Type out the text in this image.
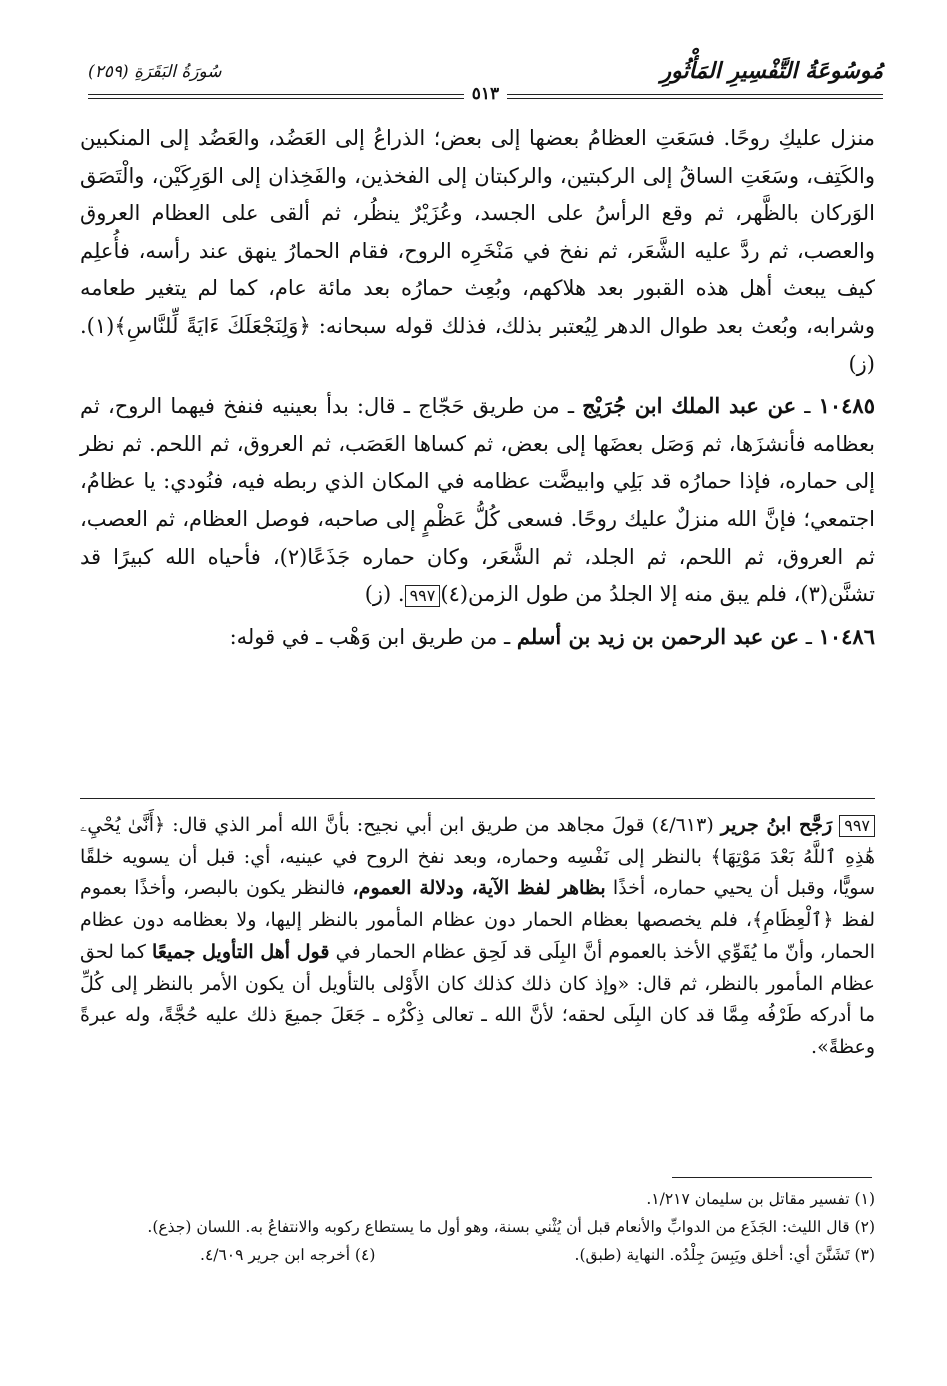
مُوسُوعَةُ التَّفْسِيرِ المَأْثُورِ
سُورَةُ البَقَرَةِ (٢٥٩)
٥١٣

منزل عليكِ روحًا. فسَعَتِ العظامُ بعضها إلى بعض؛ الذراعُ إلى العَضُد، والعَضُد إلى المنكبين والكَتِف، وسَعَتِ الساقُ إلى الركبتين، والركبتان إلى الفخذين، والفَخِذان إلى الوَرِكَيْن، والْتَصَق الوَركان بالظَّهر، ثم وقع الرأسُ على الجسد، وعُزَيْرٌ ينظُر، ثم ألقى على العظام العروق والعصب، ثم ردَّ عليه الشَّعَر، ثم نفخ في مَنْخَرِه الروح، فقام الحمارُ ينهق عند رأسه، فأُعلِم كيف يبعث أهل هذه القبور بعد هلاكهم، وبُعِث حمارُه بعد مائة عام، كما لم يتغير طعامه وشرابه، وبُعث بعد طوال الدهر لِيُعتبر بذلك، فذلك قوله سبحانه: ﴿وَلِنَجْعَلَكَ ءَايَةً لِّلنَّاسِ﴾(١). (ز)

١٠٤٨٥ ـ عن عبد الملك ابن جُرَيْج ـ من طريق حَجّاج ـ قال: بدأ بعينيه فنفخ فيهما الروح، ثم بعظامه فأنشزَها، ثم وَصَل بعضَها إلى بعض، ثم كساها العَصَب، ثم العروق، ثم اللحم. ثم نظر إلى حماره، فإذا حمارُه قد بَلِي وابيضَّت عظامه في المكان الذي ربطه فيه، فنُودي: يا عظامُ، اجتمعي؛ فإنَّ الله منزلٌ عليك روحًا. فسعى كُلُّ عَظْمٍ إلى صاحبه، فوصل العظام، ثم العصب، ثم العروق، ثم اللحم، ثم الجلد، ثم الشَّعَر، وكان حماره جَذَعًا(٢)، فأحياه الله كبيرًا قد تشنَّن(٣)، فلم يبق منه إلا الجلدُ من طول الزمن(٤)٩٩٧. (ز)

١٠٤٨٦ ـ عن عبد الرحمن بن زيد بن أسلم ـ من طريق ابن وَهْب ـ في قوله:

٩٩٧ رَجَّح ابنُ جرير (٤/٦١٣) قولَ مجاهد من طريق ابن أبي نجيح: بأنَّ الله أمر الذي قال: ﴿أَنَّىٰ يُحْيِۦ هَٰذِهِ ٱللَّهُ بَعْدَ مَوْتِهَا﴾ بالنظر إلى نَفْسِه وحماره، وبعد نفخ الروح في عينيه، أي: قبل أن يسويه خلقًا سويًّا، وقبل أن يحيي حماره، أخذًا بظاهر لفظ الآية، ودلالة العموم، فالنظر يكون بالبصر، وأخذًا بعموم لفظ ﴿ٱلْعِظَامِ﴾، فلم يخصصها بعظام الحمار دون عظام المأمور بالنظر إليها، ولا بعظامه دون عظام الحمار، وأنّ ما يُقَوِّي الأخذ بالعموم أنَّ البِلَى قد لَحِق عظام الحمار في قول أهل التأويل جميعًا كما لحق عظام المأمور بالنظر، ثم قال: «وإذ كان ذلك كذلك كان الأَوْلى بالتأويل أن يكون الأمر بالنظر إلى كُلِّ ما أدركه طَرْفُه مِمَّا قد كان البِلَى لحقه؛ لأنَّ الله ـ تعالى ذِكْرُه ـ جَعَلَ جميعَ ذلك عليه حُجَّةً، وله عبرةً وعظةً».

(١) تفسير مقاتل بن سليمان ١/٢١٧.

(٢) قال الليث: الجَذَع من الدوابِّ والأنعام قبل أن يُثْني بسنة، وهو أول ما يستطاع ركوبه والانتفاعُ به. اللسان (جذع).

(٣) تَشَنَّنَ أي: أخلق ويَبِسَ جِلْدُه. النهاية (طبق).
(٤) أخرجه ابن جرير ٤/٦٠٩.
